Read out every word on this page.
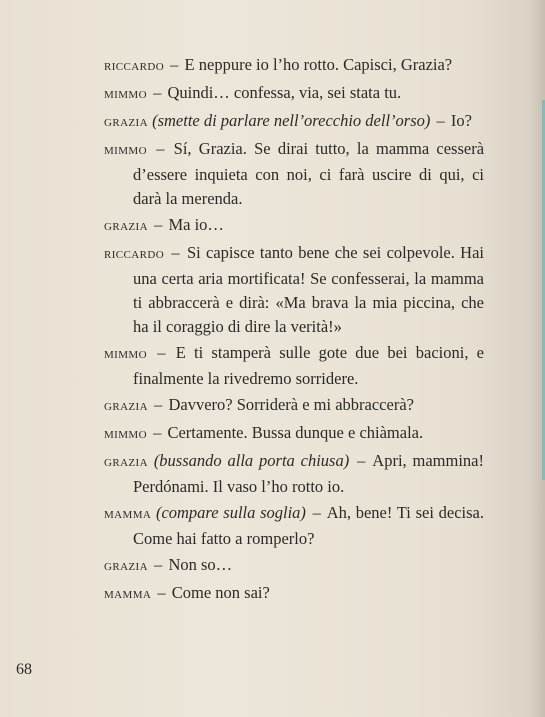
RICCARDO – E neppure io l’ho rotto. Capisci, Grazia?

MIMMO – Quindi… confessa, via, sei stata tu.

GRAZIA (smette di parlare nell’orecchio dell’orso) – Io?

MIMMO – Sí, Grazia. Se dirai tutto, la mamma cesserà d’essere inquieta con noi, ci farà uscire di qui, ci darà la merenda.

GRAZIA – Ma io…

RICCARDO – Si capisce tanto bene che sei colpevole. Hai una certa aria mortificata! Se confesserai, la mamma ti abbraccerà e dirà: «Ma brava la mia piccina, che ha il coraggio di dire la verità!»

MIMMO – E ti stamperà sulle gote due bei bacioni, e finalmente la rivedremo sorridere.

GRAZIA – Davvero? Sorriderà e mi abbraccerà?

MIMMO – Certamente. Bussa dunque e chiàmala.

GRAZIA (bussando alla porta chiusa) – Apri, mammina! Perdónami. Il vaso l’ho rotto io.

MAMMA (compare sulla soglia) – Ah, bene! Ti sei decisa. Come hai fatto a romperlo?

GRAZIA – Non so…

MAMMA – Come non sai?

68
